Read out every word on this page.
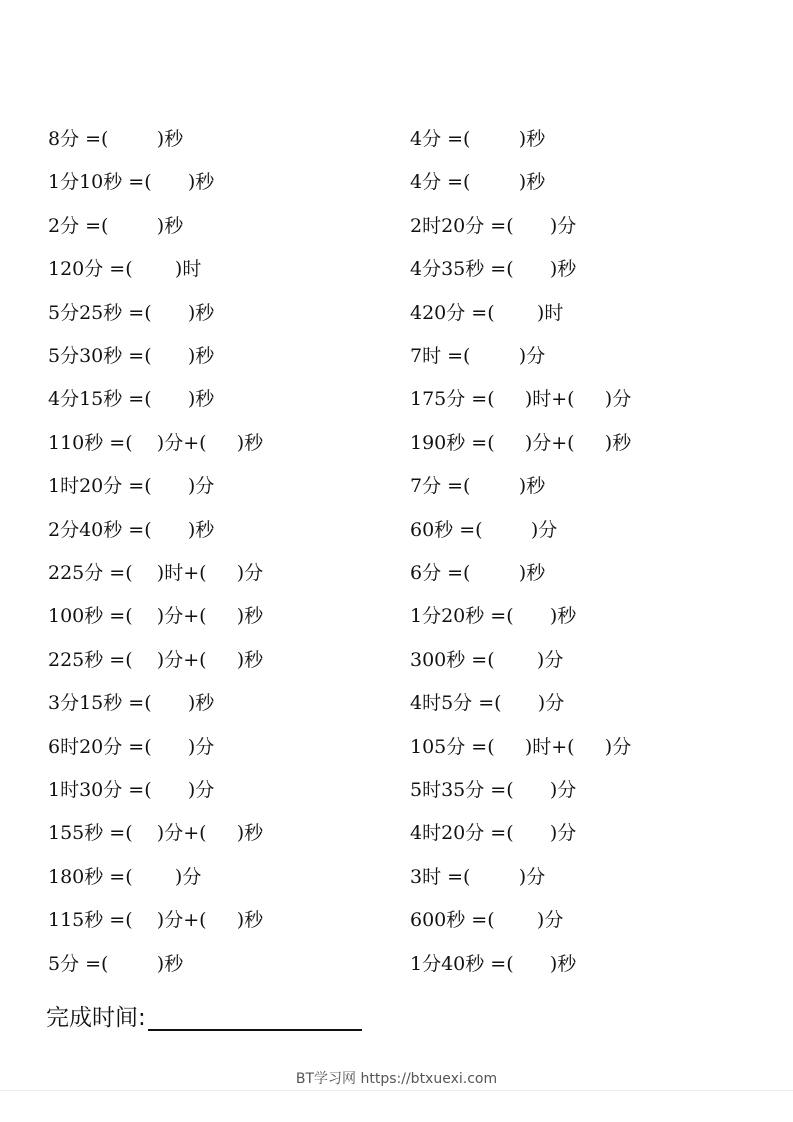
8分 =(        )秒
1分10秒 =(      )秒
2分 =(        )秒
120分 =(       )时
5分25秒 =(      )秒
5分30秒 =(      )秒
4分15秒 =(      )秒
110秒 =(    )分+(     )秒
1时20分 =(      )分
2分40秒 =(      )秒
225分 =(    )时+(     )分
100秒 =(    )分+(     )秒
225秒 =(    )分+(     )秒
3分15秒 =(      )秒
6时20分 =(      )分
1时30分 =(      )分
155秒 =(    )分+(     )秒
180秒 =(       )分
115秒 =(    )分+(     )秒
5分 =(        )秒
4分 =(        )秒
4分 =(        )秒
2时20分 =(      )分
4分35秒 =(      )秒
420分 =(       )时
7时 =(        )分
175分 =(     )时+(     )分
190秒 =(     )分+(     )秒
7分 =(        )秒
60秒 =(        )分
6分 =(        )秒
1分20秒 =(      )秒
300秒 =(       )分
4时5分 =(      )分
105分 =(     )时+(     )分
5时35分 =(      )分
4时20分 =(      )分
3时 =(        )分
600秒 =(       )分
1分40秒 =(      )秒
完成时间:
BT学习网 https://btxuexi.com
